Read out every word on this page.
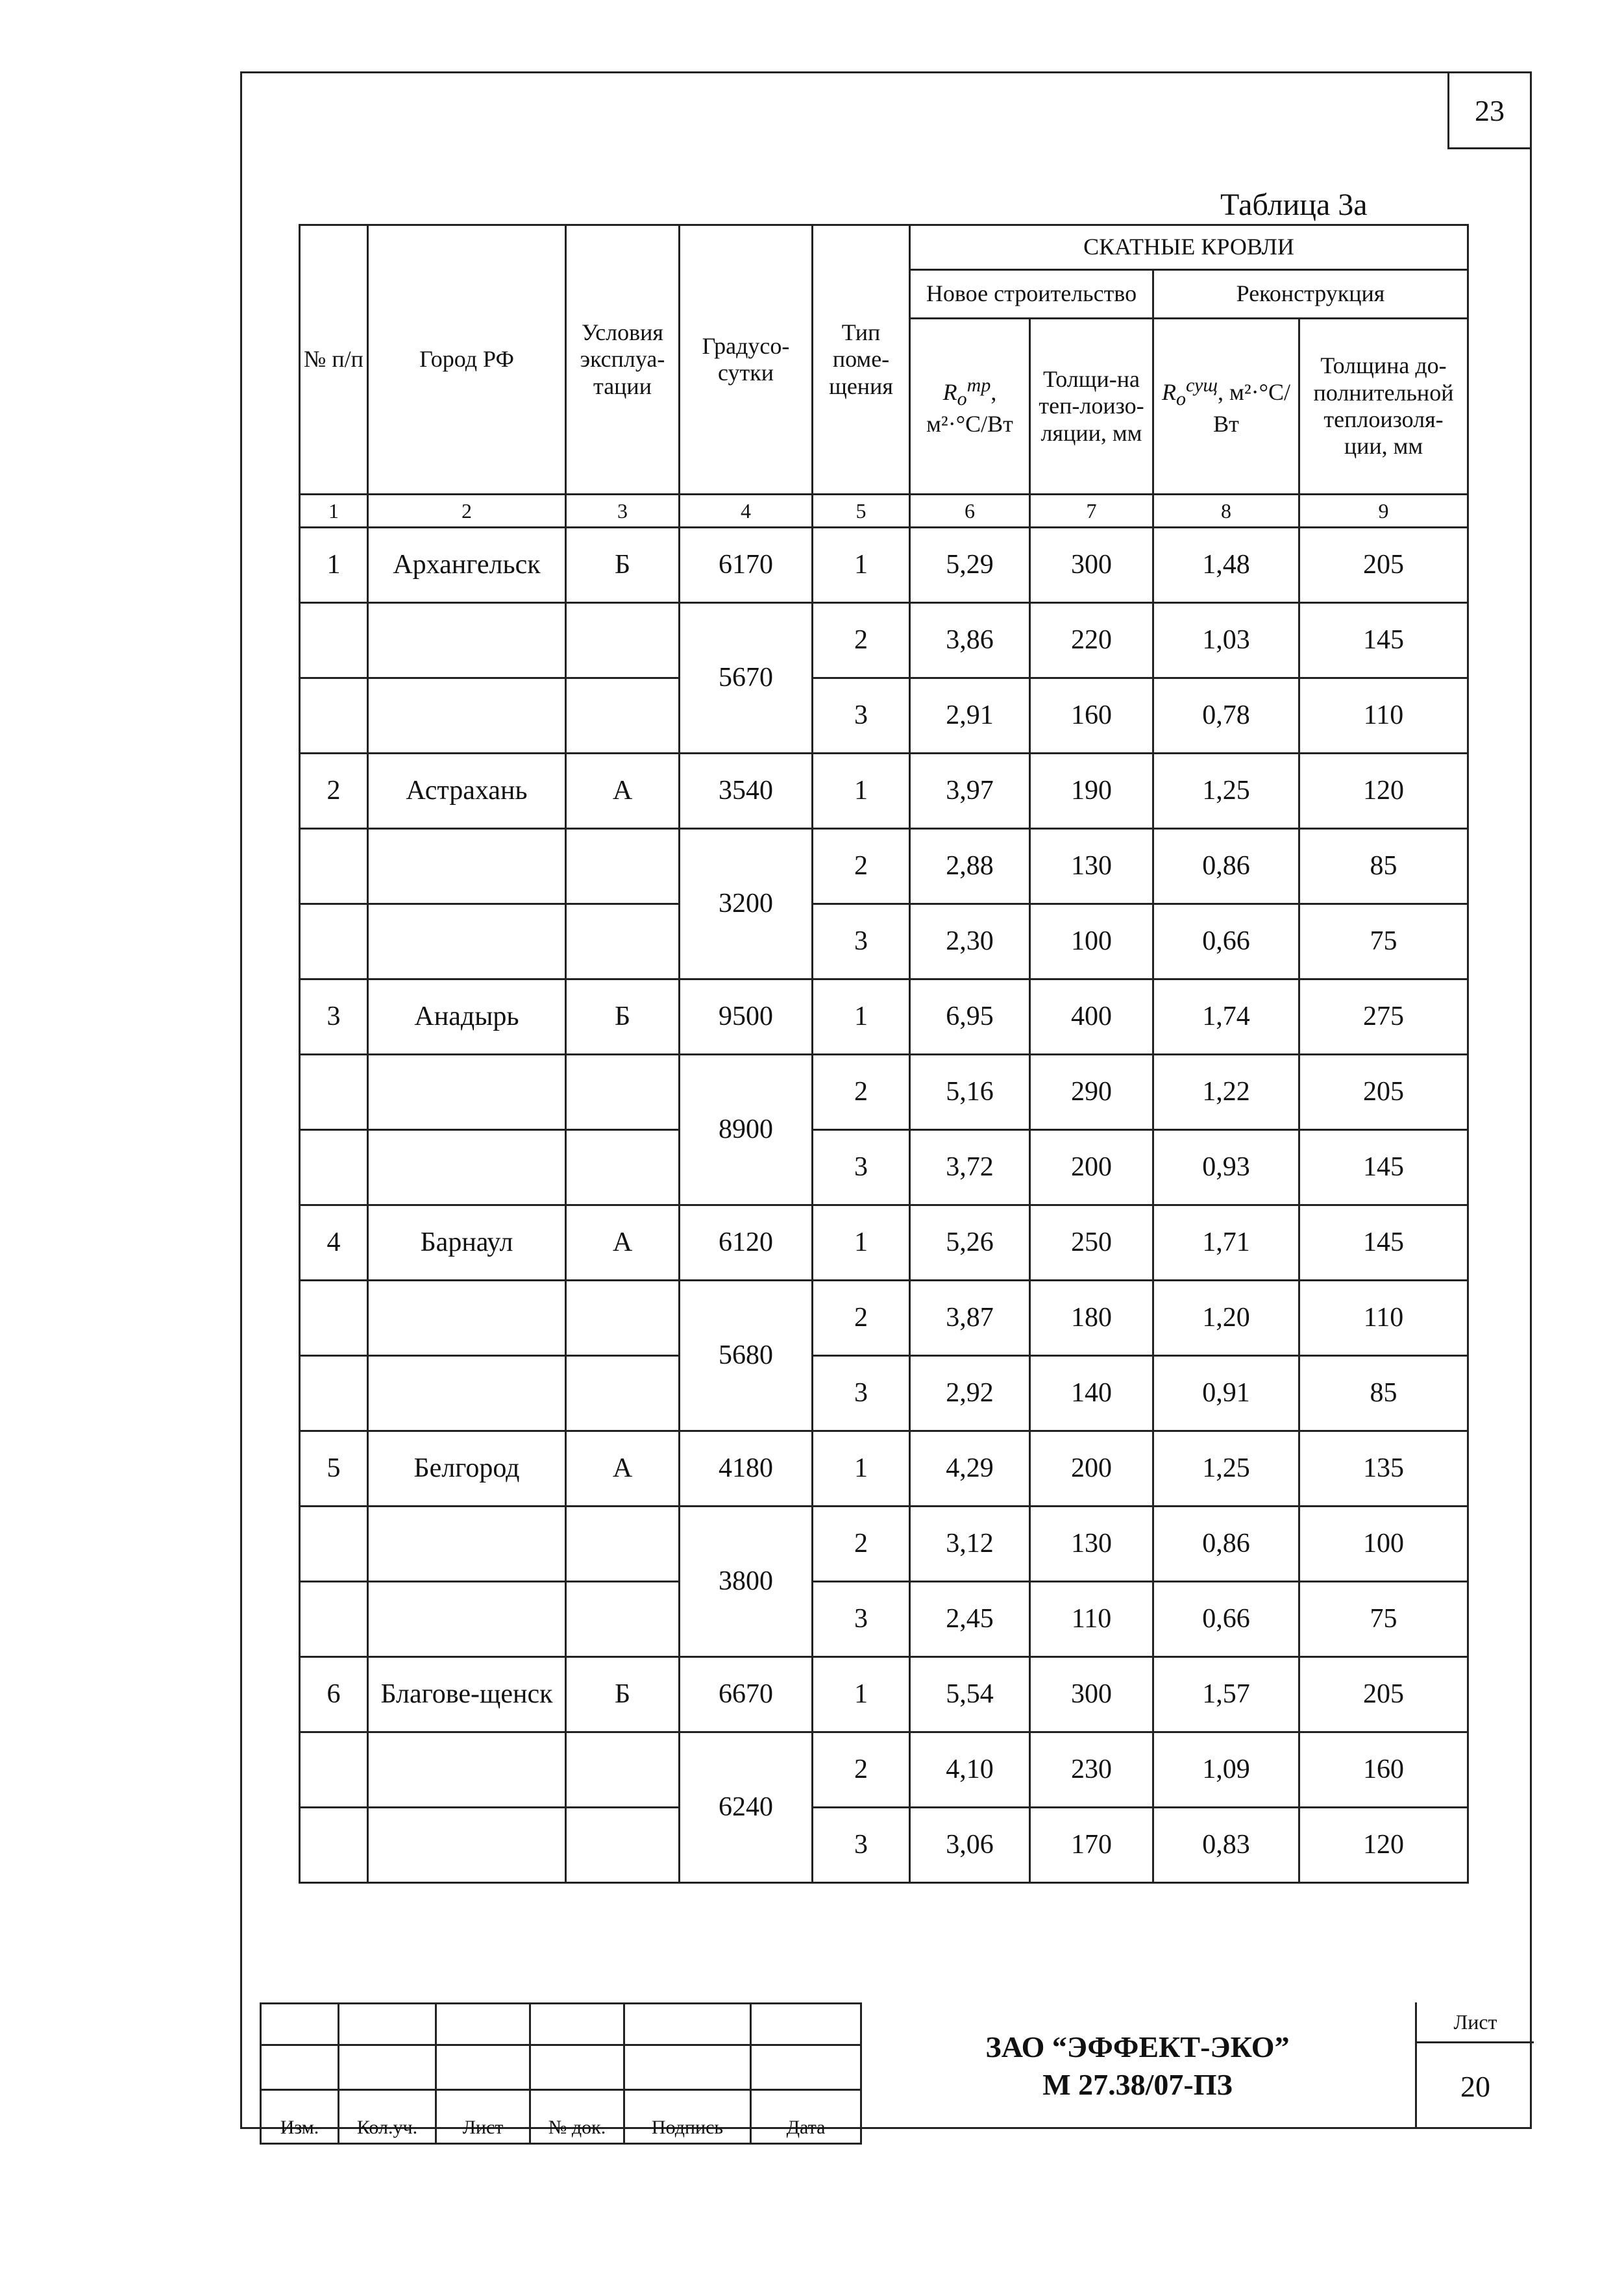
23
Таблица 3а
№ п/п	Город РФ	Условия эксплуа-тации	Градусо-сутки	Тип поме-щения	СКАТНЫЕ КРОВЛИ			
					Новое строительство		Реконструкция	
					$R_о^{тр}$, м²·°С/Вт	Толщи-на теп-лоизо-ляции, мм	$R_о^{сущ}$, м²·°С/Вт	Толщина до-полнительной теплоизоля-ции, мм
1	2	3	4	5	6	7	8	9
1	Архангельск	Б	6170	1	5,29	300	1,48	205
			5670	2	3,86	220	1,03	145
				3	2,91	160	0,78	110
2	Астрахань	А	3540	1	3,97	190	1,25	120
			3200	2	2,88	130	0,86	85
				3	2,30	100	0,66	75
3	Анадырь	Б	9500	1	6,95	400	1,74	275
			8900	2	5,16	290	1,22	205
				3	3,72	200	0,93	145
4	Барнаул	А	6120	1	5,26	250	1,71	145
			5680	2	3,87	180	1,20	110
				3	2,92	140	0,91	85
5	Белгород	А	4180	1	4,29	200	1,25	135
			3800	2	3,12	130	0,86	100
				3	2,45	110	0,66	75
6	Благове-щенск	Б	6670	1	5,54	300	1,57	205
			6240	2	4,10	230	1,09	160
				3	3,06	170	0,83	120

Изм.	Кол.уч.	Лист	№ док.	Подпись	Дата
ЗАО “ЭФФЕКТ-ЭКО”
М 27.38/07-ПЗ
Лист
20
